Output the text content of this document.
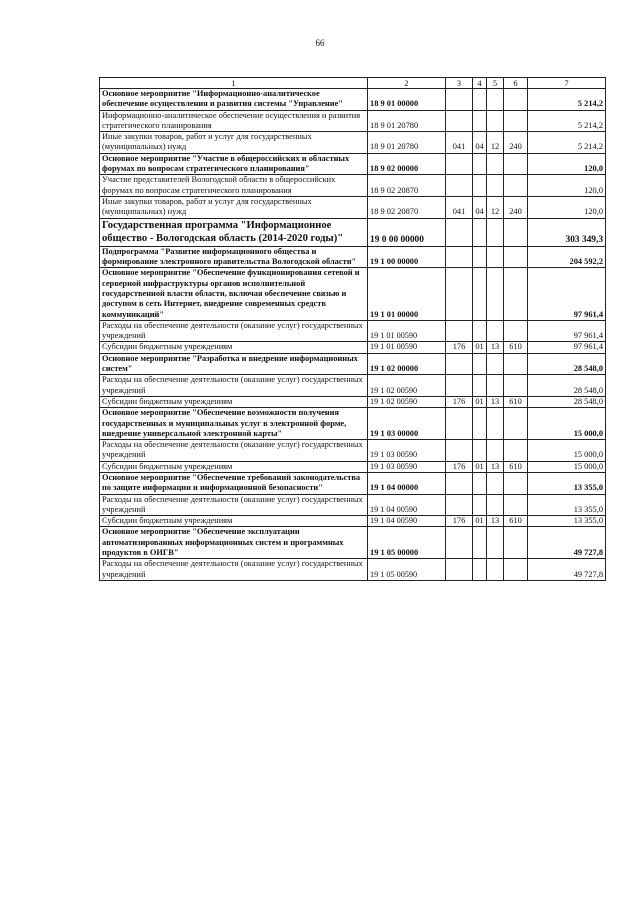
66
1	2	3	4	5	6	7
Основное мероприятие "Информационно-аналитическое обеспечение осуществления и развития системы "Управление"	18 9 01 00000					5 214,2
Информационно-аналитическое обеспечение осуществления и развития стратегического планирования	18 9 01 20780					5 214,2
Иные закупки товаров, работ и услуг для государственных (муниципальных) нужд	18 9 01 20780	041	04	12	240	5 214,2
Основное мероприятие "Участие в общероссийских и областных форумах по вопросам стратегического планирования"	18 9 02 00000					120,0
Участие представителей Вологодской области в общероссийских форумах по вопросам стратегического планирования	18 9 02 20870					120,0
Иные закупки товаров, работ и услуг для государственных (муниципальных) нужд	18 9 02 20870	041	04	12	240	120,0
Государственная программа "Информационное общество - Вологодская область (2014-2020 годы)"	19 0 00 00000					303 349,3
Подпрограмма "Развитие информационного общества и формирование электронного правительства Вологодской области"	19 1 00 00000					204 592,2
Основное мероприятие "Обеспечение функционирования сетевой и серверной инфраструктуры органов исполнительной государственной власти области, включая обеспечение связью и доступом в сеть Интернет, внедрение современных средств коммуникаций"	19 1 01 00000					97 961,4
Расходы на обеспечение деятельности (оказание услуг) государственных учреждений	19 1 01 00590					97 961,4
Субсидии бюджетным учреждениям	19 1 01 00590	176	01	13	610	97 961,4
Основное мероприятие "Разработка и внедрение информационных систем"	19 1 02 00000					28 548,0
Расходы на обеспечение деятельности (оказание услуг) государственных учреждений	19 1 02 00590					28 548,0
Субсидии бюджетным учреждениям	19 1 02 00590	176	01	13	610	28 548,0
Основное мероприятие "Обеспечение возможности получения государственных и муниципальных услуг в электронной форме, внедрение универсальной электронной карты"	19 1 03 00000					15 000,0
Расходы на обеспечение деятельности (оказание услуг) государственных учреждений	19 1 03 00590					15 000,0
Субсидии бюджетным учреждениям	19 1 03 00590	176	01	13	610	15 000,0
Основное мероприятие "Обеспечение требований законодательства по защите информации и информационной безопасности"	19 1 04 00000					13 355,0
Расходы на обеспечение деятельности (оказание услуг) государственных учреждений	19 1 04 00590					13 355,0
Субсидии бюджетным учреждениям	19 1 04 00590	176	01	13	610	13 355,0
Основное мероприятие "Обеспечение эксплуатации автоматизированных информационных систем и программных продуктов в ОИГВ"	19 1 05 00000					49 727,8
Расходы на обеспечение деятельности (оказание услуг) государственных учреждений	19 1 05 00590					49 727,8
